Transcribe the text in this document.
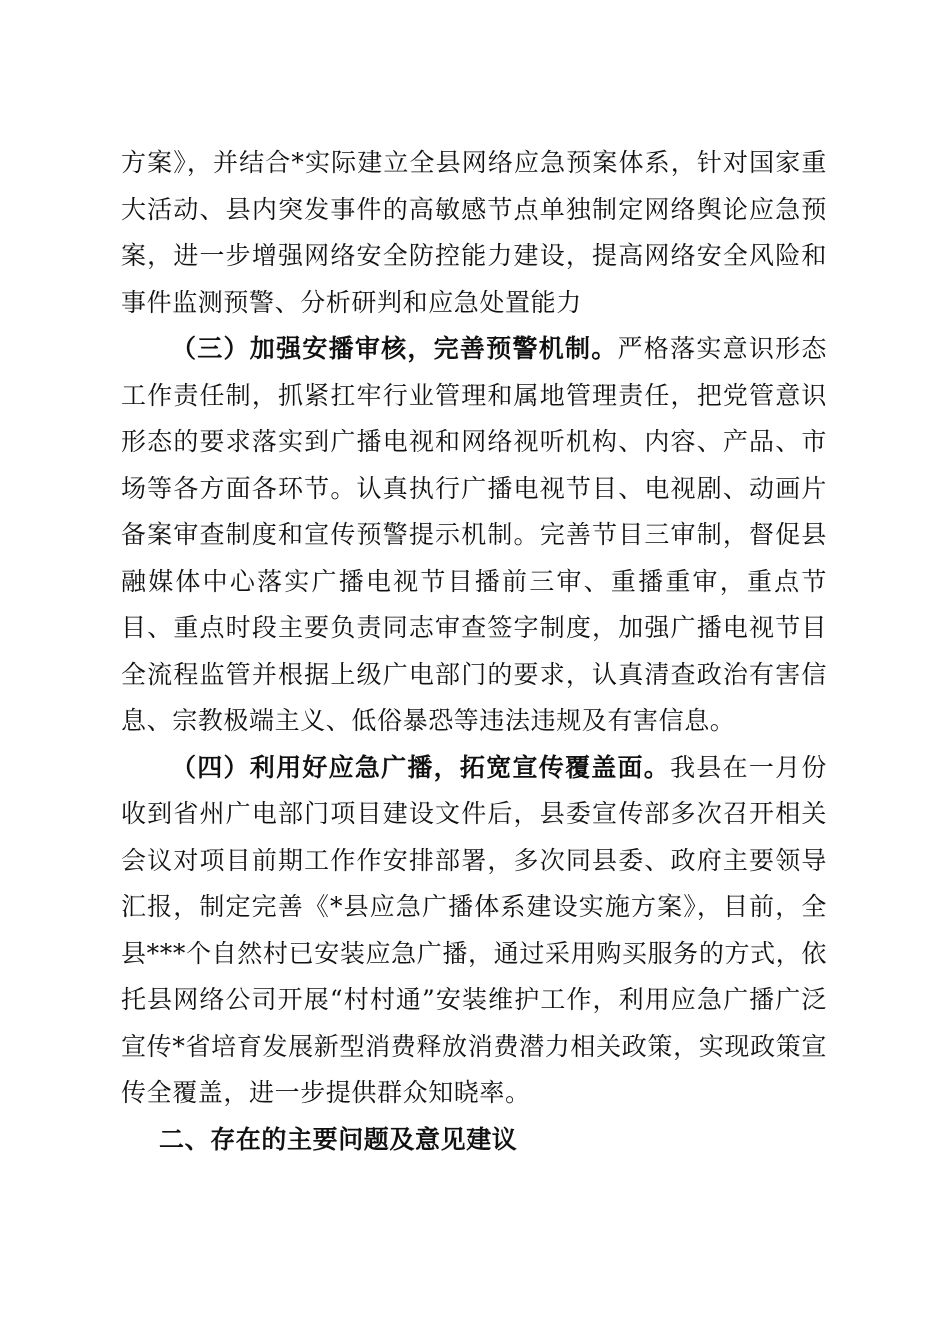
方案》，并结合*实际建立全县网络应急预案体系，针对国家重大活动、县内突发事件的高敏感节点单独制定网络舆论应急预案，进一步增强网络安全防控能力建设，提高网络安全风险和事件监测预警、分析研判和应急处置能力

（三）加强安播审核，完善预警机制。严格落实意识形态工作责任制，抓紧扛牢行业管理和属地管理责任，把党管意识形态的要求落实到广播电视和网络视听机构、内容、产品、市场等各方面各环节。认真执行广播电视节目、电视剧、动画片备案审查制度和宣传预警提示机制。完善节目三审制，督促县融媒体中心落实广播电视节目播前三审、重播重审，重点节目、重点时段主要负责同志审查签字制度，加强广播电视节目全流程监管并根据上级广电部门的要求，认真清查政治有害信息、宗教极端主义、低俗暴恐等违法违规及有害信息。

（四）利用好应急广播，拓宽宣传覆盖面。我县在一月份收到省州广电部门项目建设文件后，县委宣传部多次召开相关会议对项目前期工作作安排部署，多次同县委、政府主要领导汇报，制定完善《*县应急广播体系建设实施方案》，目前，全县***个自然村已安装应急广播，通过采用购买服务的方式，依托县网络公司开展“村村通”安装维护工作，利用应急广播广泛宣传*省培育发展新型消费释放消费潜力相关政策，实现政策宣传全覆盖，进一步提供群众知晓率。

二、存在的主要问题及意见建议
